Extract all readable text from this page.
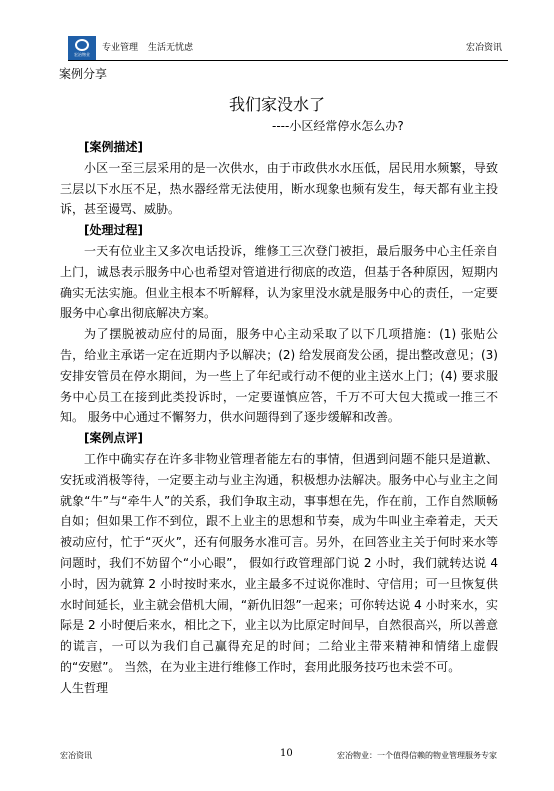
宏冶物业
专业管理 生活无忧虑	宏冶资讯
案例分享
我们家没水了
----小区经常停水怎么办?

[案例描述]

小区一至三层采用的是一次供水，由于市政供水水压低，居民用水频繁，导致三层以下水压不足，热水器经常无法使用，断水现象也频有发生，每天都有业主投诉，甚至谩骂、威胁。

[处理过程]

一天有位业主又多次电话投诉，维修工三次登门被拒，最后服务中心主任亲自上门，诚恳表示服务中心也希望对管道进行彻底的改造，但基于各种原因，短期内确实无法实施。但业主根本不听解释，认为家里没水就是服务中心的责任，一定要服务中心拿出彻底解决方案。

为了摆脱被动应付的局面，服务中心主动采取了以下几项措施：(1) 张贴公告，给业主承诺一定在近期内予以解决；(2) 给发展商发公函，提出整改意见；(3) 安排安管员在停水期间，为一些上了年纪或行动不便的业主送水上门；(4) 要求服务中心员工在接到此类投诉时，一定要谨慎应答，千万不可大包大揽或一推三不知。 服务中心通过不懈努力，供水问题得到了逐步缓解和改善。

[案例点评]

工作中确实存在许多非物业管理者能左右的事情，但遇到问题不能只是道歉、安抚或消极等待，一定要主动与业主沟通，积极想办法解决。服务中心与业主之间就象“牛”与“牵牛人”的关系，我们争取主动，事事想在先，作在前，工作自然顺畅自如；但如果工作不到位，跟不上业主的思想和节奏，成为牛叫业主牵着走，天天被动应付，忙于“灭火”，还有何服务水准可言。另外，在回答业主关于何时来水等问题时，我们不妨留个“小心眼”， 假如行政管理部门说 2 小时，我们就转达说 4 小时，因为就算 2 小时按时来水，业主最多不过说你准时、守信用；可一旦恢复供水时间延长，业主就会借机大闹，“新仇旧怨”一起来；可你转达说 4 小时来水，实际是 2 小时便后来水，相比之下，业主以为比原定时间早，自然很高兴，所以善意的谎言，一可以为我们自己赢得充足的时间；二给业主带来精神和情绪上虚假的“安慰”。 当然，在为业主进行维修工作时，套用此服务技巧也未尝不可。

人生哲理

宏冶资讯	10	宏冶物业：一个值得信赖的物业管理服务专家
